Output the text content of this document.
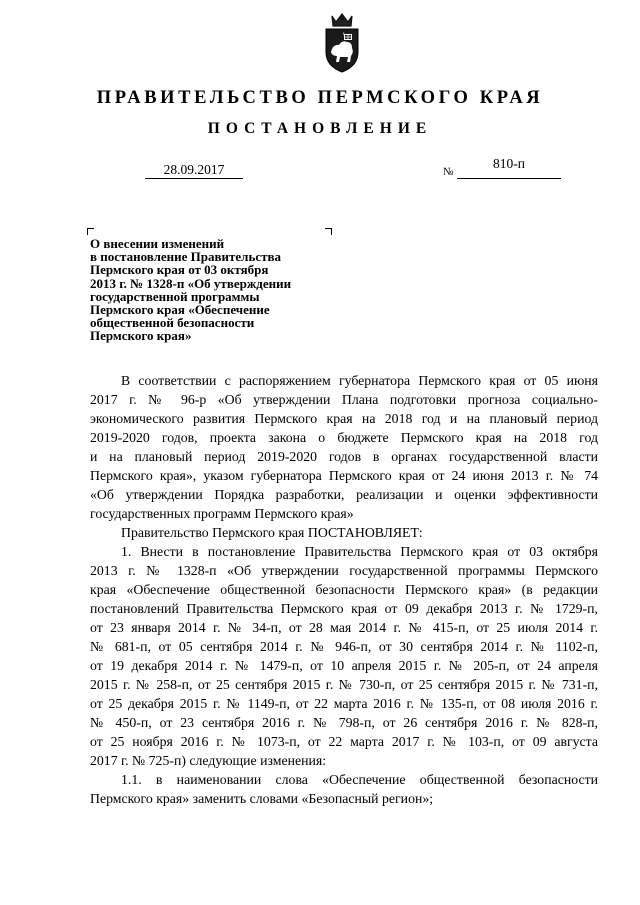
ПРАВИТЕЛЬСТВО ПЕРМСКОГО КРАЯ
ПОСТАНОВЛЕНИЕ
28.09.2017	№
810-п
О внесении изменений
в постановление Правительства
Пермского края от 03 октября
2013 г. № 1328-п «Об утверждении
государственной программы
Пермского края «Обеспечение
общественной безопасности
Пермского края»
В соответствии с распоряжением губернатора Пермского края от 05 июня
2017 г. № 96-р «Об утверждении Плана подготовки прогноза социально-
экономического развития Пермского края на 2018 год и на плановый период
2019-2020 годов, проекта закона о бюджете Пермского края на 2018 год
и на плановый период 2019-2020 годов в органах государственной власти
Пермского края», указом губернатора Пермского края от 24 июня 2013 г. № 74
«Об утверждении Порядка разработки, реализации и оценки эффективности
государственных программ Пермского края»
Правительство Пермского края ПОСТАНОВЛЯЕТ:
1. Внести в постановление Правительства Пермского края от 03 октября
2013 г. № 1328-п «Об утверждении государственной программы Пермского
края «Обеспечение общественной безопасности Пермского края» (в редакции
постановлений Правительства Пермского края от 09 декабря 2013 г. № 1729-п,
от 23 января 2014 г. № 34-п, от 28 мая 2014 г. № 415-п, от 25 июля 2014 г.
№ 681-п, от 05 сентября 2014 г. № 946-п, от 30 сентября 2014 г. № 1102-п,
от 19 декабря 2014 г. № 1479-п, от 10 апреля 2015 г. № 205-п, от 24 апреля
2015 г. № 258-п, от 25 сентября 2015 г. № 730-п, от 25 сентября 2015 г. № 731-п,
от 25 декабря 2015 г. № 1149-п, от 22 марта 2016 г. № 135-п, от 08 июля 2016 г.
№ 450-п, от 23 сентября 2016 г. № 798-п, от 26 сентября 2016 г. № 828-п,
от 25 ноября 2016 г. № 1073-п, от 22 марта 2017 г. № 103-п, от 09 августа
2017 г. № 725-п) следующие изменения:
1.1. в наименовании слова «Обеспечение общественной безопасности
Пермского края» заменить словами «Безопасный регион»;
